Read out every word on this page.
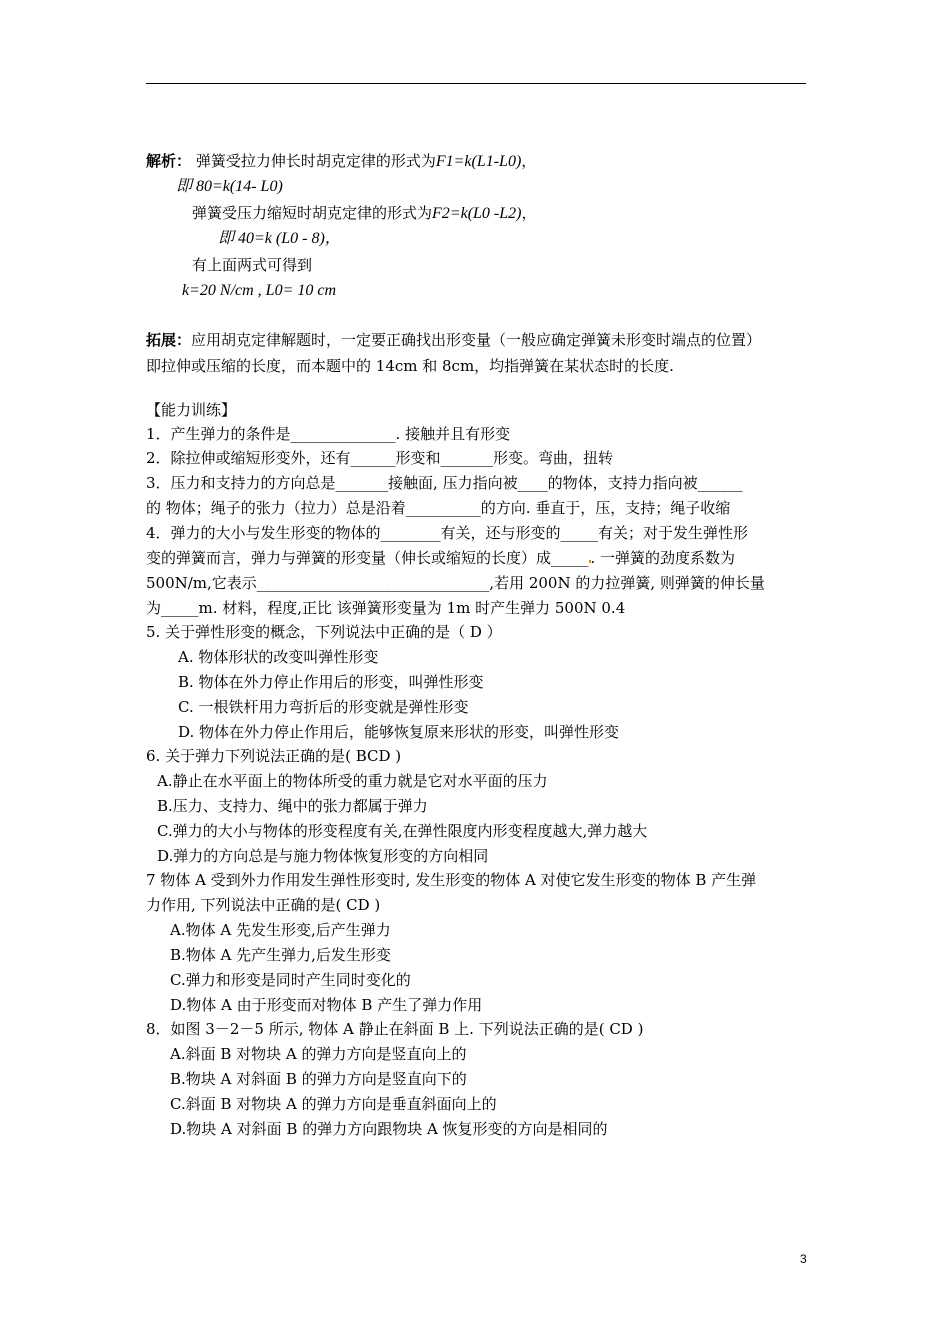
解析： 弹簧受拉力伸长时胡克定律的形式为F1=k(L1-L0)，
即 80=k(14- L0)
弹簧受压力缩短时胡克定律的形式为F2=k(L0 -L2)，
即 40=k (L0 - 8)，
有上面两式可得到
k=20 N/cm , L0= 10 cm
拓展：应用胡克定律解题时，一定要正确找出形变量（一般应确定弹簧未形变时端点的位置）
即拉伸或压缩的长度，而本题中的 14cm 和 8cm，均指弹簧在某状态时的长度.
【能力训练】
1．产生弹力的条件是______________. 接触并且有形变
2．除拉伸或缩短形变外，还有______形变和_______形变。弯曲，扭转
3．压力和支持力的方向总是_______接触面, 压力指向被____的物体，支持力指向被______
的 物体；绳子的张力（拉力）总是沿着__________的方向. 垂直于，压，支持；绳子收缩
4．弹力的大小与发生形变的物体的________有关，还与形变的_____有关；对于发生弹性形
变的弹簧而言，弹力与弹簧的形变量（伸长或缩短的长度）成_____ . 一弹簧的劲度系数为
500N/m,它表示_______________________________,若用 200N 的力拉弹簧, 则弹簧的伸长量
为_____m. 材料，程度,正比 该弹簧形变量为 1m 时产生弹力 500N 0.4
5. 关于弹性形变的概念，下列说法中正确的是（ D ）
A. 物体形状的改变叫弹性形变
B. 物体在外力停止作用后的形变，叫弹性形变
C. 一根铁杆用力弯折后的形变就是弹性形变
D. 物体在外力停止作用后，能够恢复原来形状的形变，叫弹性形变
6. 关于弹力下列说法正确的是( BCD )
A.静止在水平面上的物体所受的重力就是它对水平面的压力
B.压力、支持力、绳中的张力都属于弹力
C.弹力的大小与物体的形变程度有关,在弹性限度内形变程度越大,弹力越大
D.弹力的方向总是与施力物体恢复形变的方向相同
7 物体 A 受到外力作用发生弹性形变时, 发生形变的物体 A 对使它发生形变的物体 B 产生弹
力作用, 下列说法中正确的是( CD )
A.物体 A 先发生形变,后产生弹力
B.物体 A 先产生弹力,后发生形变
C.弹力和形变是同时产生同时变化的
D.物体 A 由于形变而对物体 B 产生了弹力作用
8．如图 3－2－5 所示, 物体 A 静止在斜面 B 上. 下列说法正确的是( CD )
A.斜面 B 对物块 A 的弹力方向是竖直向上的
B.物块 A 对斜面 B 的弹力方向是竖直向下的
C.斜面 B 对物块 A 的弹力方向是垂直斜面向上的
D.物块 A 对斜面 B 的弹力方向跟物块 A 恢复形变的方向是相同的
3
